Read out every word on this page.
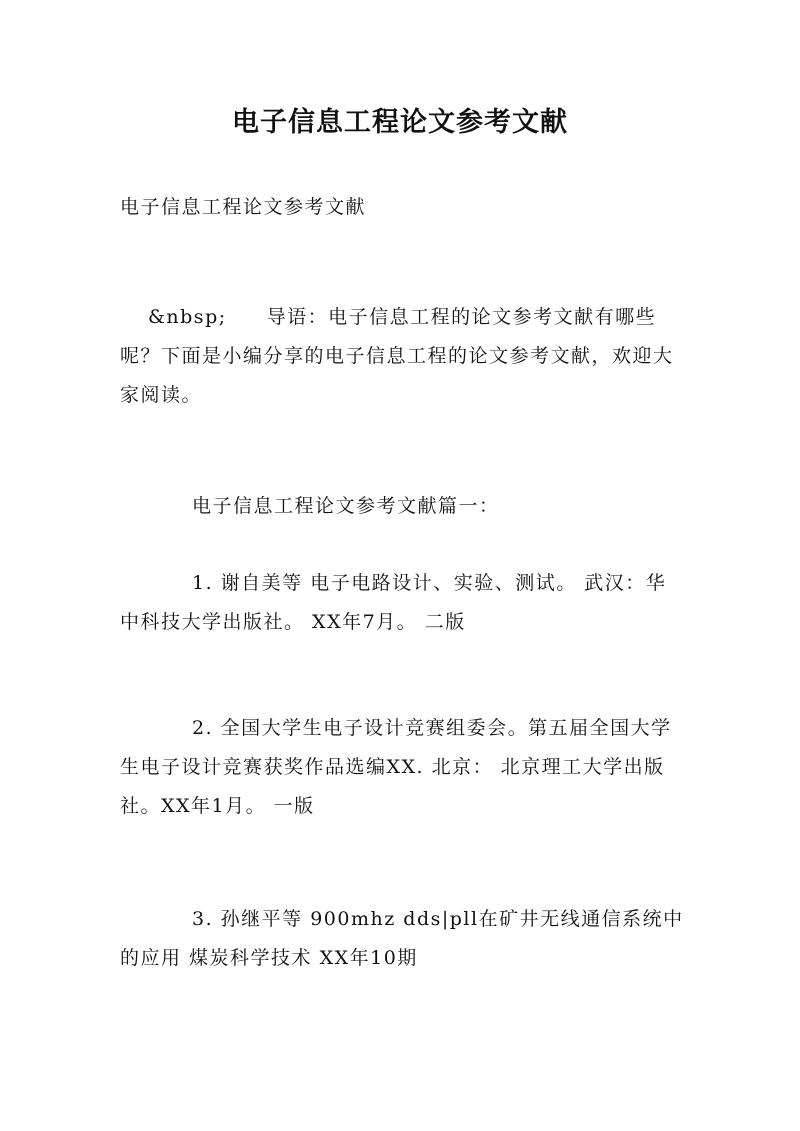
电子信息工程论文参考文献

电子信息工程论文参考文献

&nbsp; 导语：电子信息工程的论文参考文献有哪些呢？下面是小编分享的电子信息工程的论文参考文献，欢迎大家阅读。

电子信息工程论文参考文献篇一：

1. 谢自美等 电子电路设计、实验、测试。 武汉：华中科技大学出版社。 XX年7月。 二版

2. 全国大学生电子设计竞赛组委会。第五届全国大学生电子设计竞赛获奖作品选编XX. 北京： 北京理工大学出版社。XX年1月。 一版

3. 孙继平等 900mhz dds|pll在矿井无线通信系统中的应用 煤炭科学技术 XX年10期
